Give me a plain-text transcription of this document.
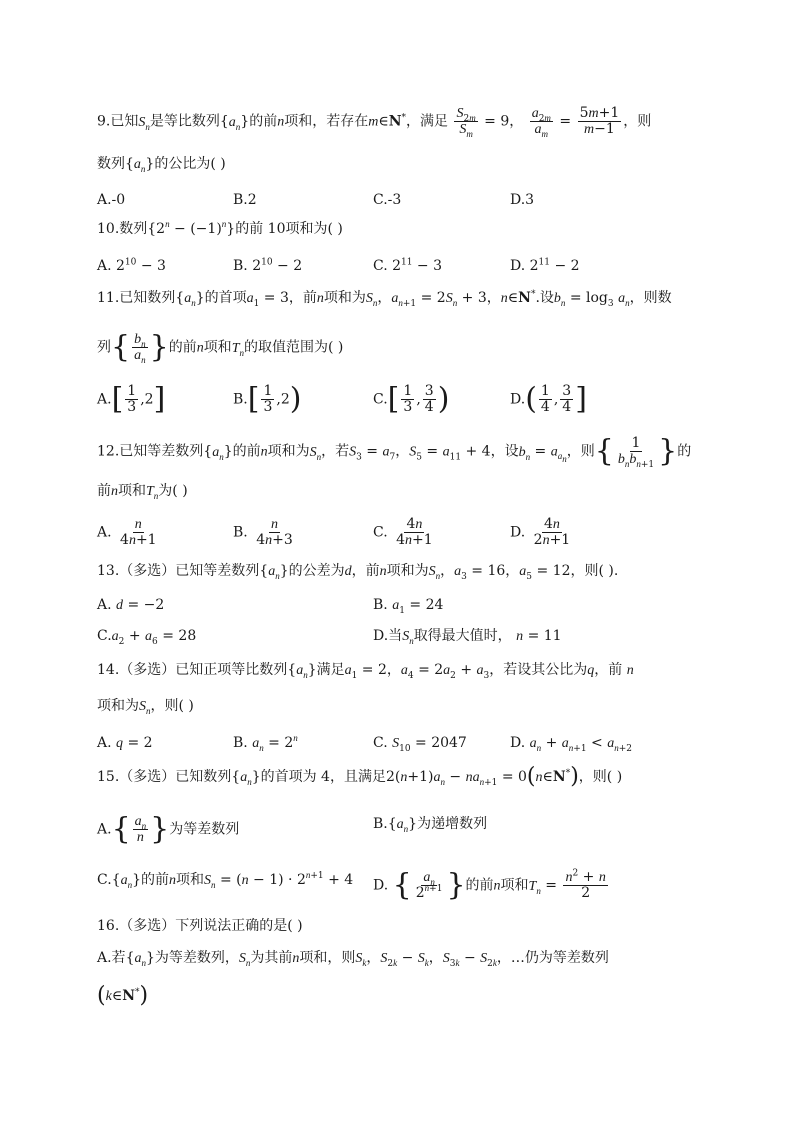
9.已知$S_n$是等比数列$\{a_n\}$的前n项和，若存在m∈N*，满足 $\frac{S_{2m}}{S_m} = 9$， $\frac{a_{2m}}{a_m} = \frac{5m+1}{m-1}$ ，则
数列$\{a_n\}$的公比为( )
A.-0	B.2	C.-3	D.3
10.数列$\{2^n - (-1)^n\}$的前 10项和为( )
A. $2^{10} - 3$	B. $2^{10} - 2$	C. $2^{11} - 3$	D. $2^{11} - 2$
11.已知数列$\{a_n\}$的首项$a_1 = 3$，前n项和为$S_n$，$a_{n+1} = 2S_n + 3$，n∈N*.设$b_n = \log_3 a_n$，则数
列{ $\frac{b_n}{a_n}$ }的前n项和$T_n$的取值范围为( )
$A.[ \frac{1}{3} ,2]$	$B.[ \frac{1}{3} ,2)$	$C.[ \frac{1}{3}$ , $\frac{3}{4}$ )	$D.( \frac{1}{4}$ , $\frac{3}{4}$ ]
12.已知等差数列$\{a_n\}$的前n项和为$S_n$，若$S_3 = a_7$，$S_5 = a_{11} + 4$，设$b_n = a_{a_n}$，则{ $\frac{1}{b_nb_{n+1}}$ }的
前n项和$T_n$为( )
A. $\frac{n}{4n+1}$	B. $\frac{n}{4n+3}$	C. $\frac{4n}{4n+1}$	D. $\frac{4n}{2n+1}$
13.（多选）已知等差数列$\{a_n\}$的公差为d，前n项和为$S_n$，$a_3 = 16$，$a_5 = 12$，则( ).
A. d = −2	B. $a_1 = 24$
$C.a_2 + a_6 = 28$	D.当$S_n$取得最大值时， n = 11
14.（多选）已知正项等比数列$\{a_n\}$满足$a_1 = 2$，$a_4 = 2a_2 + a_3$，若设其公比为q，前 n
项和为$S_n$，则( )
A. q = 2	B. $a_n = 2^n$	C. $S_{10} = 2047$	D. $a_n + a_{n+1} < a_{n+2}$
15.（多选）已知数列$\{a_n\}$的首项为 4，且满足$2(n+1)a_n - na_{n+1}$ = 0(n∈N*)，则( )
$A.\{ \frac{a_n}{n}$ }为等差数列	$B.\{a_n\}$为递增数列
$C.\{a_n\}$的前n项和$S_n = (n - 1) \cdot 2^{n+1} + 4$ D. { $\frac{a_n}{2^{n+1}}$ }的前n项和$T_n = \frac{n^2 + n}{2}$
16.（多选）下列说法正确的是( )
A.若$\{a_n\}$为等差数列，$S_n$为其前n项和，则$S_k$，$S_{2k} - S_k$，$S_{3k} - S_{2k}$，…仍为等差数列
(k∈N*)
